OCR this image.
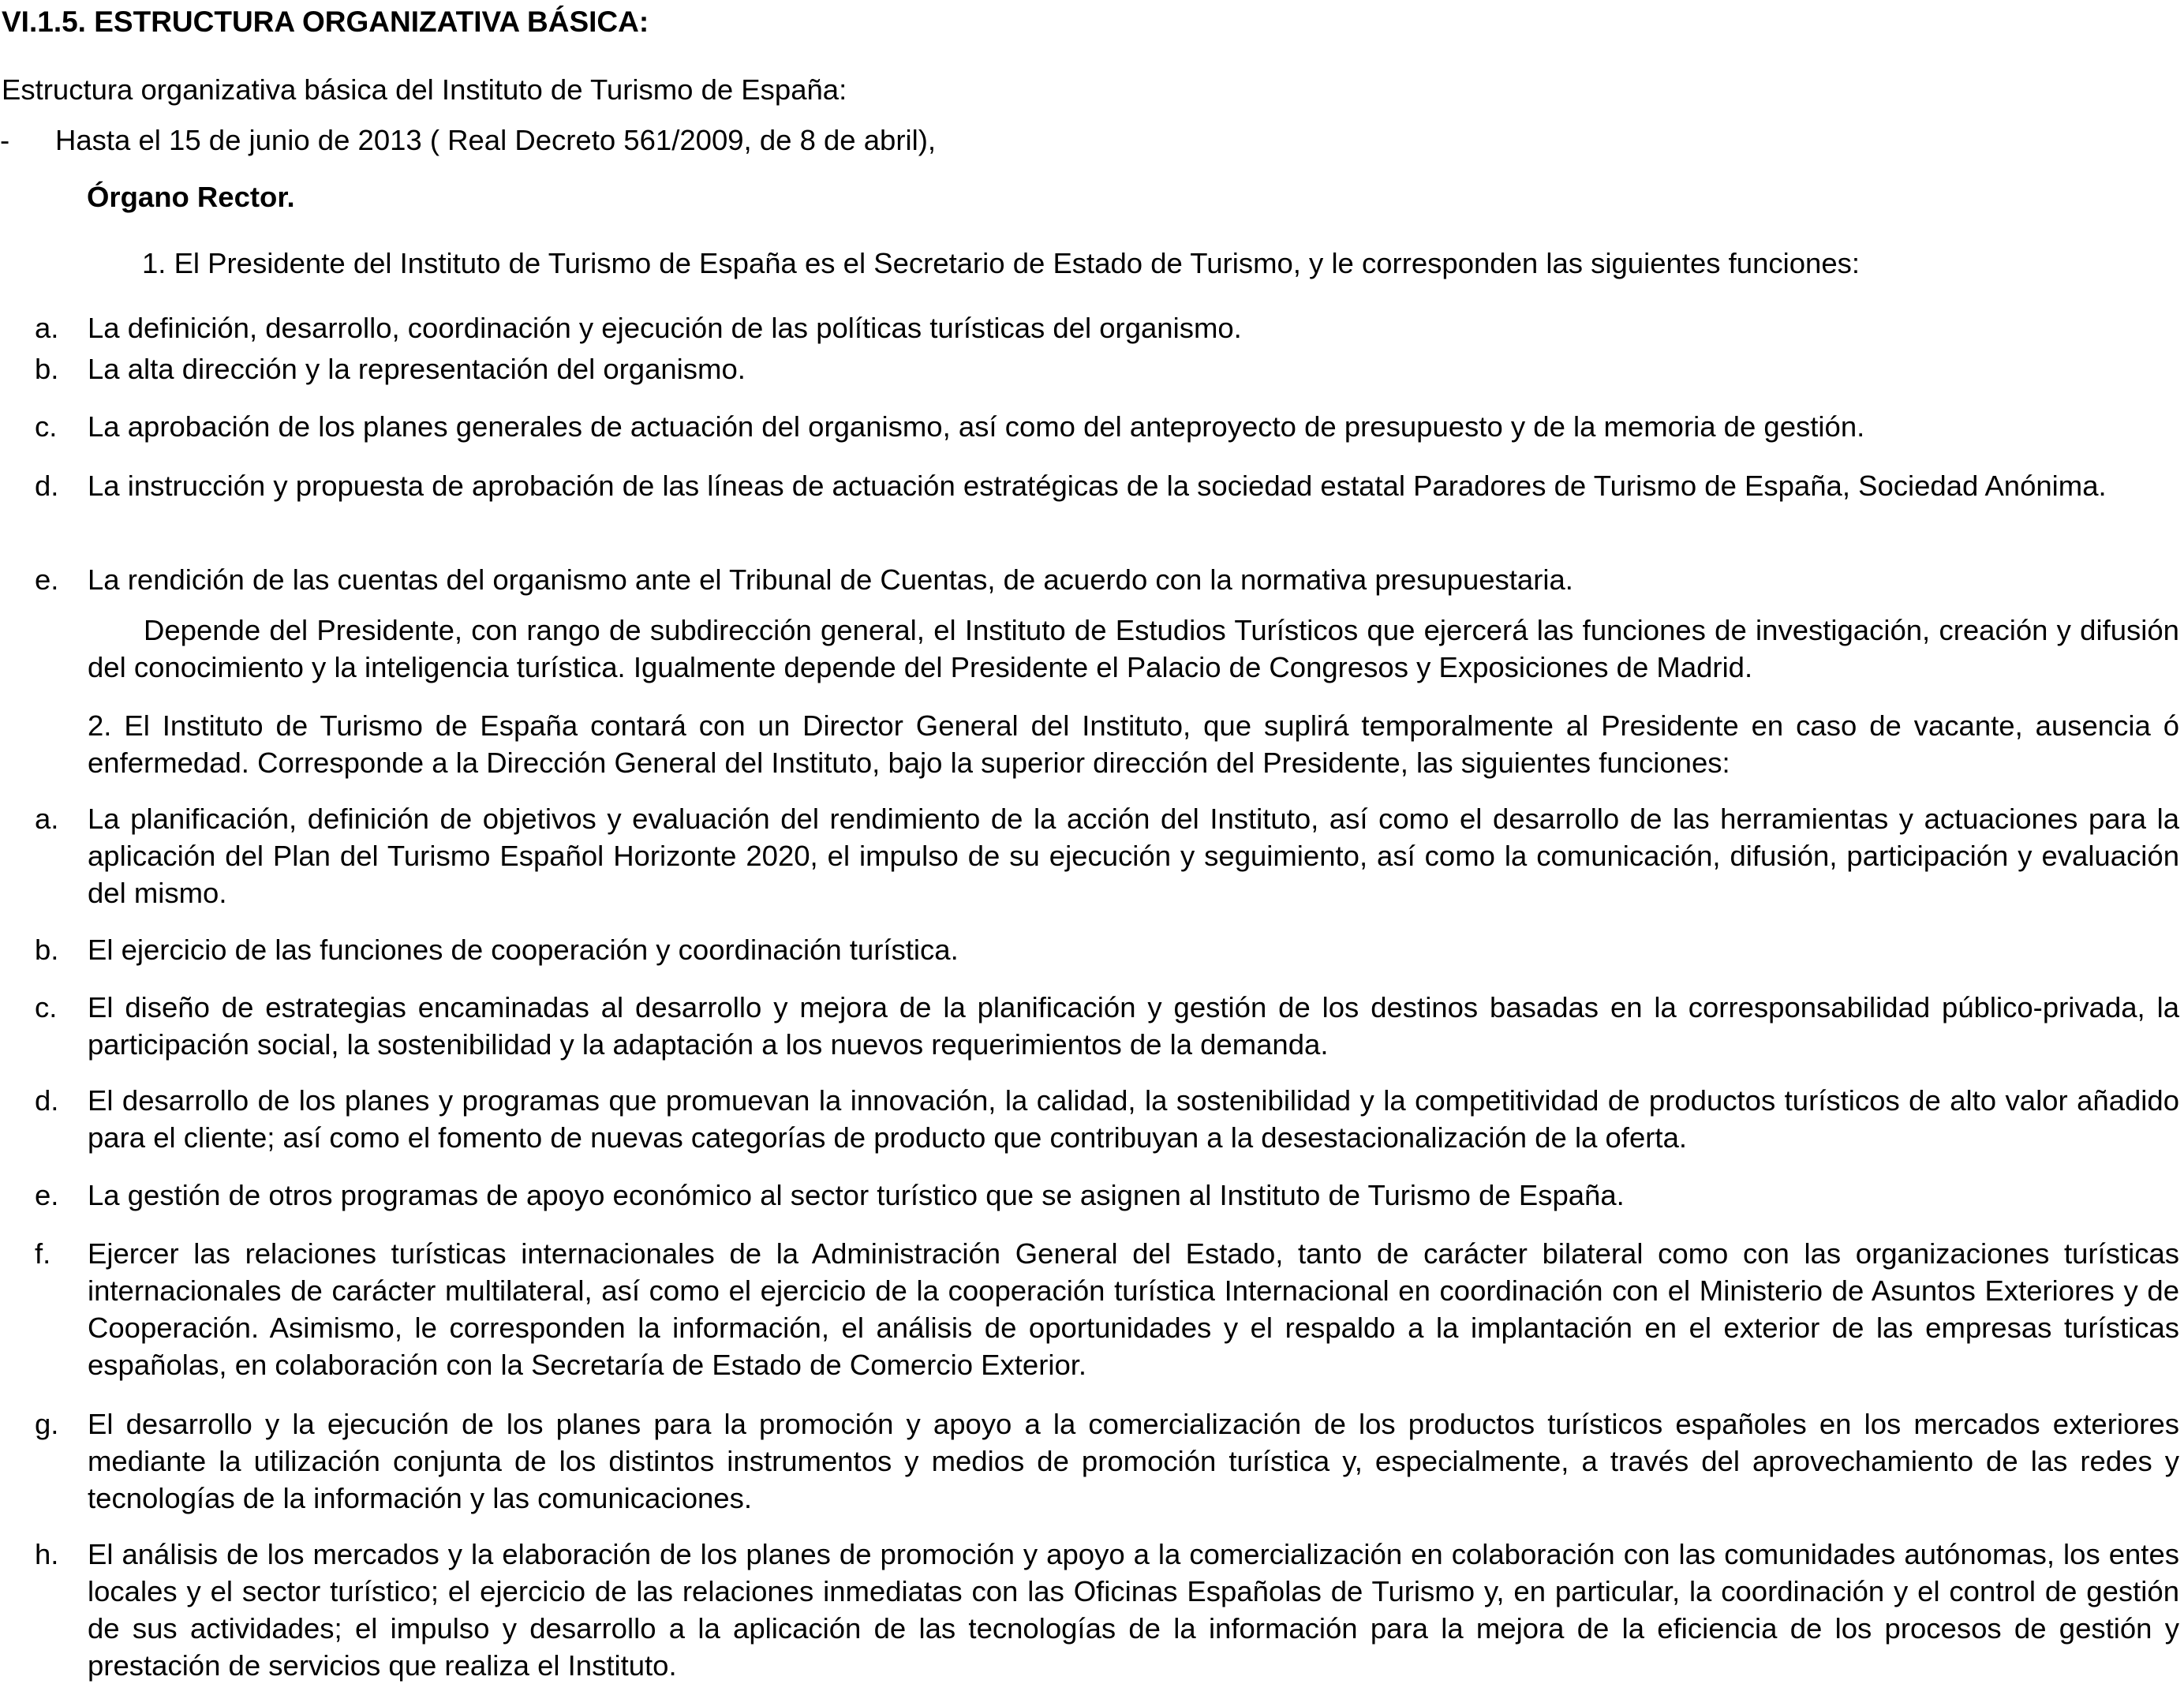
VI.1.5. ESTRUCTURA ORGANIZATIVA BÁSICA:
Estructura organizativa básica del Instituto de Turismo de España:
- Hasta el 15 de junio de 2013 ( Real Decreto 561/2009, de 8 de abril),
Órgano Rector.
1. El Presidente del Instituto de Turismo de España es el Secretario de Estado de Turismo, y le corresponden las siguientes funciones:
a. La definición, desarrollo, coordinación y ejecución de las políticas turísticas del organismo.
b. La alta dirección y la representación del organismo.
c. La aprobación de los planes generales de actuación del organismo, así como del anteproyecto de presupuesto y de la memoria de gestión.
d. La instrucción y propuesta de aprobación de las líneas de actuación estratégicas de la sociedad estatal Paradores de Turismo de España, Sociedad Anónima.
e. La rendición de las cuentas del organismo ante el Tribunal de Cuentas, de acuerdo con la normativa presupuestaria.
Depende del Presidente, con rango de subdirección general, el Instituto de Estudios Turísticos que ejercerá las funciones de investigación, creación y difusión del conocimiento y la inteligencia turística. Igualmente depende del Presidente el Palacio de Congresos y Exposiciones de Madrid.
2. El Instituto de Turismo de España contará con un Director General del Instituto, que suplirá temporalmente al Presidente en caso de vacante, ausencia ó enfermedad. Corresponde a la Dirección General del Instituto, bajo la superior dirección del Presidente, las siguientes funciones:
a. La planificación, definición de objetivos y evaluación del rendimiento de la acción del Instituto, así como el desarrollo de las herramientas y actuaciones para la aplicación del Plan del Turismo Español Horizonte 2020, el impulso de su ejecución y seguimiento, así como la comunicación, difusión, participación y evaluación del mismo.
b. El ejercicio de las funciones de cooperación y coordinación turística.
c. El diseño de estrategias encaminadas al desarrollo y mejora de la planificación y gestión de los destinos basadas en la corresponsabilidad público-privada, la participación social, la sostenibilidad y la adaptación a los nuevos requerimientos de la demanda.
d. El desarrollo de los planes y programas que promuevan la innovación, la calidad, la sostenibilidad y la competitividad de productos turísticos de alto valor añadido para el cliente; así como el fomento de nuevas categorías de producto que contribuyan a la desestacionalización de la oferta.
e. La gestión de otros programas de apoyo económico al sector turístico que se asignen al Instituto de Turismo de España.
f. Ejercer las relaciones turísticas internacionales de la Administración General del Estado, tanto de carácter bilateral como con las organizaciones turísticas internacionales de carácter multilateral, así como el ejercicio de la cooperación turística Internacional en coordinación con el Ministerio de Asuntos Exteriores y de Cooperación. Asimismo, le corresponden la información, el análisis de oportunidades y el respaldo a la implantación en el exterior de las empresas turísticas españolas, en colaboración con la Secretaría de Estado de Comercio Exterior.
g. El desarrollo y la ejecución de los planes para la promoción y apoyo a la comercialización de los productos turísticos españoles en los mercados exteriores mediante la utilización conjunta de los distintos instrumentos y medios de promoción turística y, especialmente, a través del aprovechamiento de las redes y tecnologías de la información y las comunicaciones.
h. El análisis de los mercados y la elaboración de los planes de promoción y apoyo a la comercialización en colaboración con las comunidades autónomas, los entes locales y el sector turístico; el ejercicio de las relaciones inmediatas con las Oficinas Españolas de Turismo y, en particular, la coordinación y el control de gestión de sus actividades; el impulso y desarrollo a la aplicación de las tecnologías de la información para la mejora de la eficiencia de los procesos de gestión y prestación de servicios que realiza el Instituto.
